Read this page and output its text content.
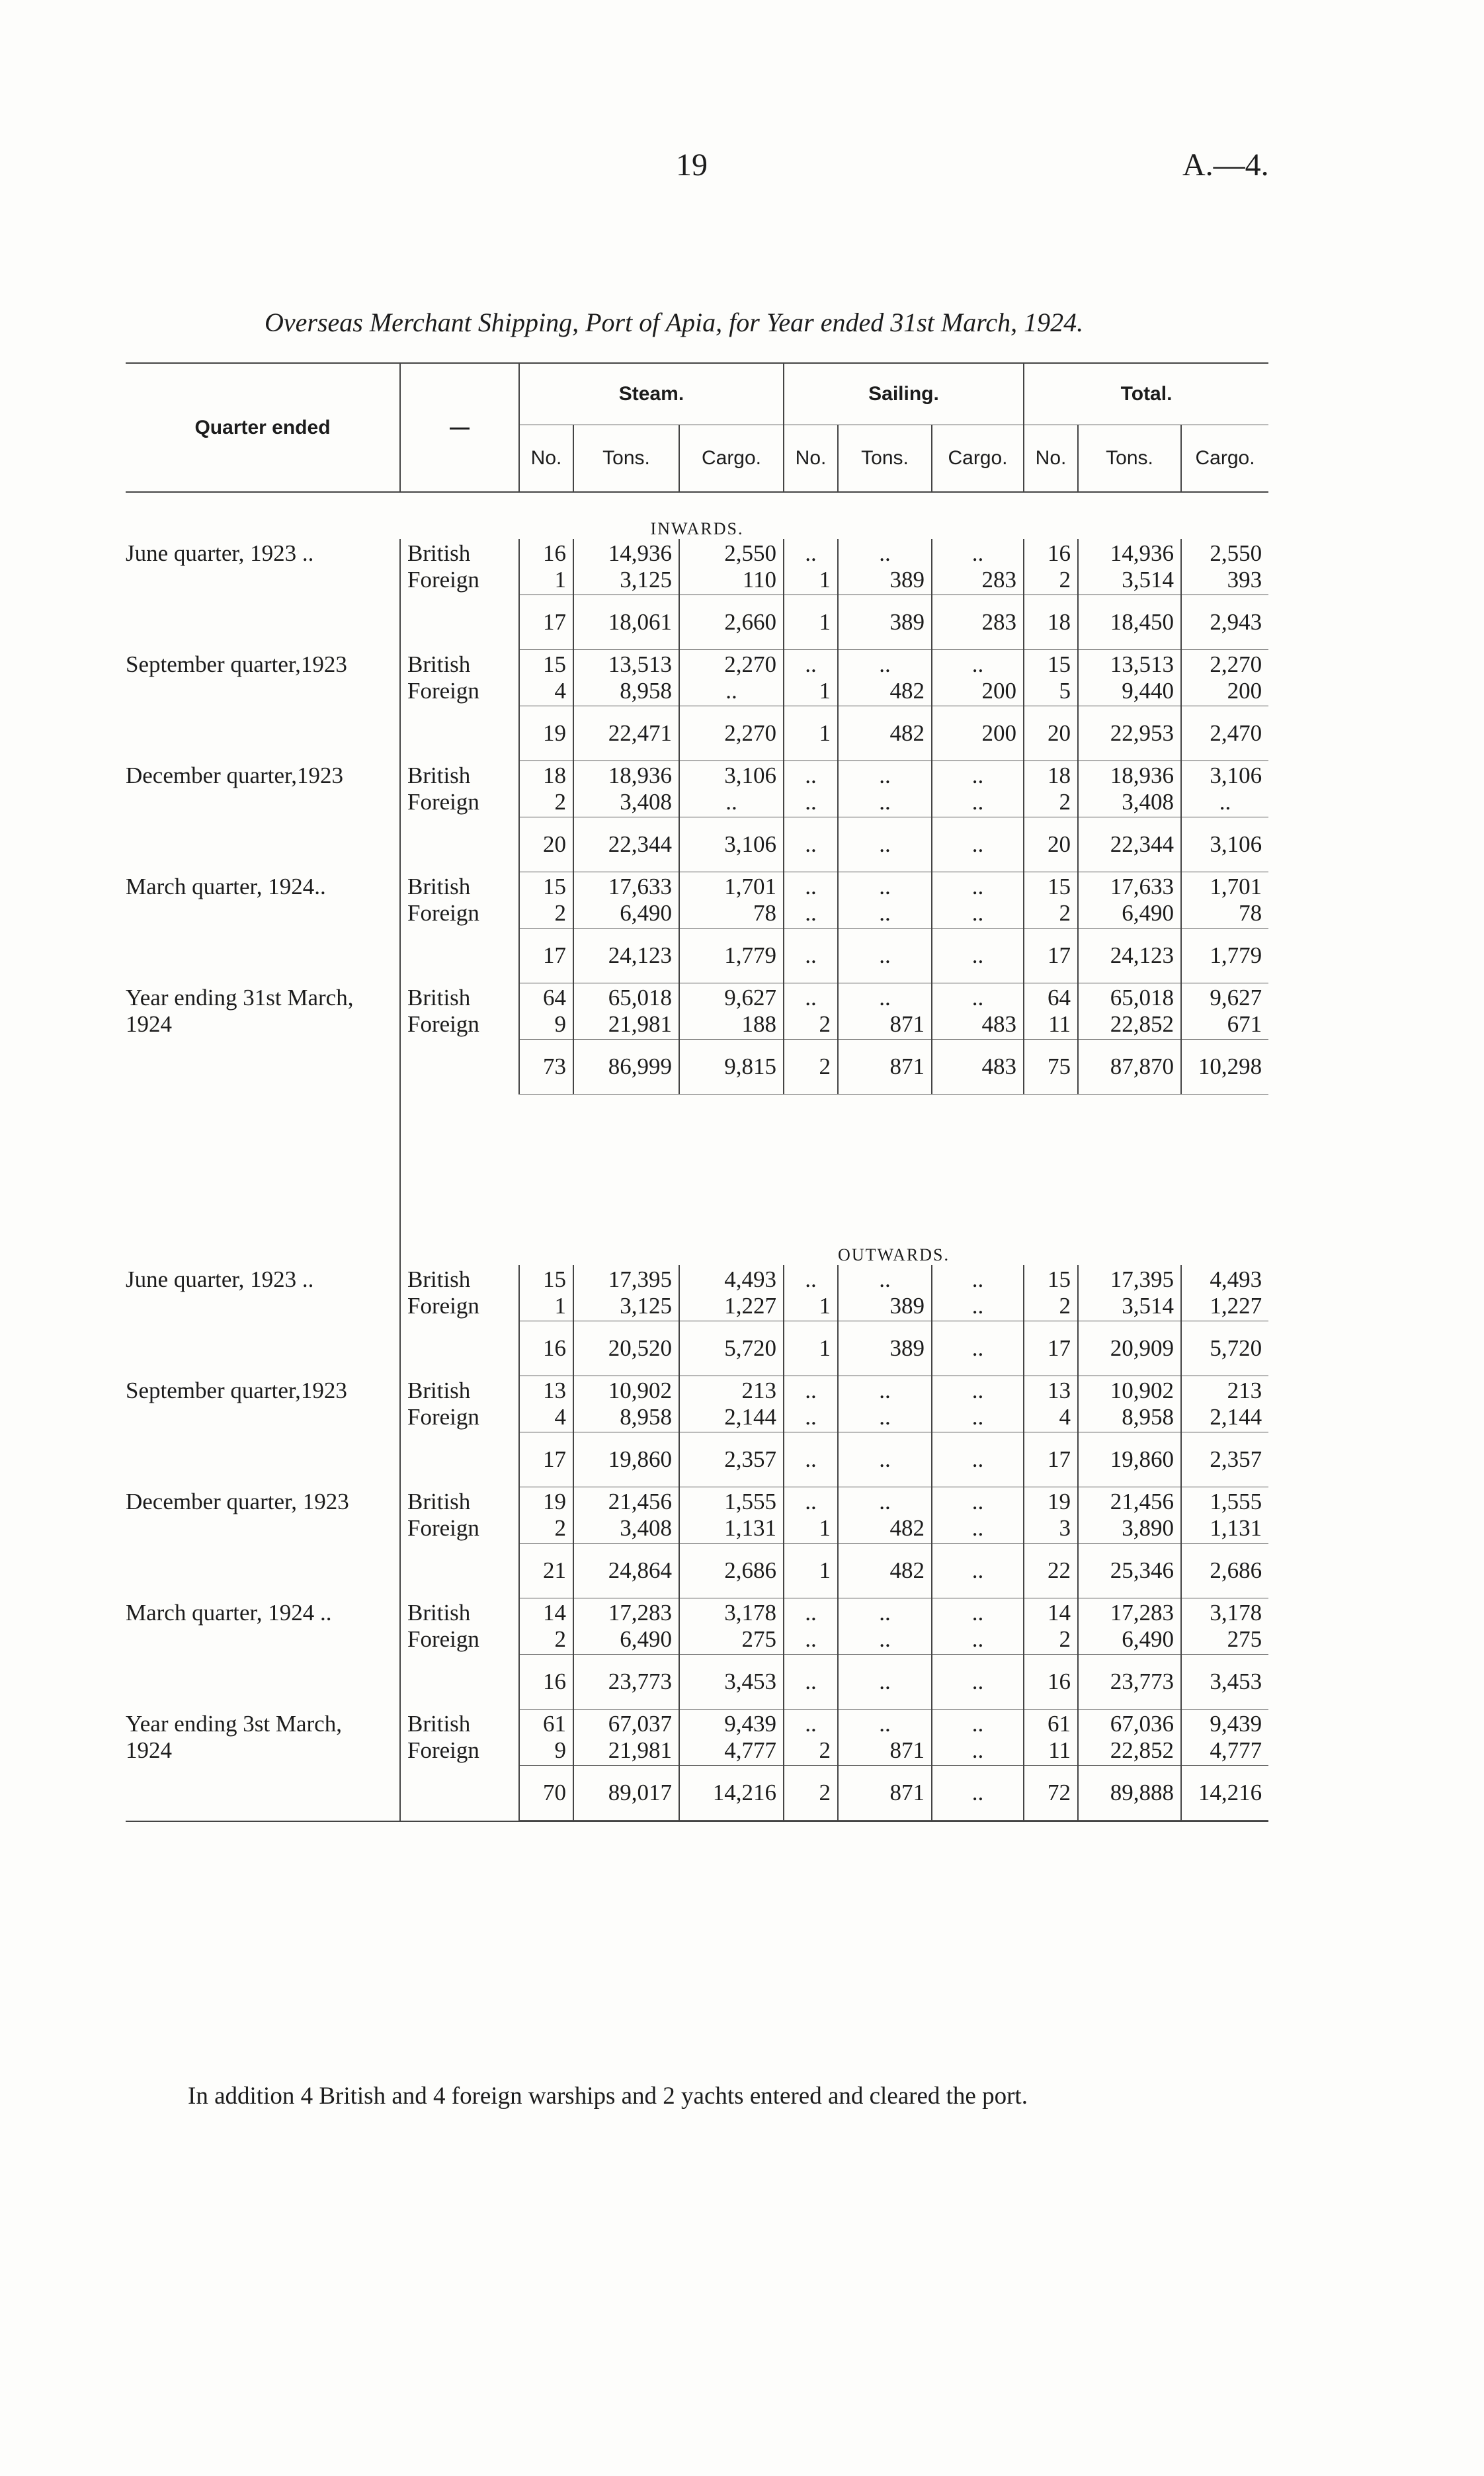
19	A.—4.
Overseas Merchant Shipping, Port of Apia, for Year ended 31st March, 1924.

Quarter ended	—	Steam.			Sailing.			Total.		
		No.	Tons.	Cargo.	No.	Tons.	Cargo.	No.	Tons.	Cargo.

INWARDS.										
June quarter, 1923 ..	British	16	14,936	2,550	..	..	..	16	14,936	2,550
	Foreign	1	3,125	110	1	389	283	2	3,514	393
		17	18,061	2,660	1	389	283	18	18,450	2,943

September quarter,1923	British	15	13,513	2,270	..	..	..	15	13,513	2,270
	Foreign	4	8,958	..	1	482	200	5	9,440	200
		19	22,471	2,270	1	482	200	20	22,953	2,470

December quarter,1923	British	18	18,936	3,106	..	..	..	18	18,936	3,106
	Foreign	2	3,408	..	..	..	..	2	3,408	..
		20	22,344	3,106	..	..	..	20	22,344	3,106

March quarter, 1924..	British	15	17,633	1,701	..	..	..	15	17,633	1,701
	Foreign	2	6,490	78	..	..	..	2	6,490	78
		17	24,123	1,779	..	..	..	17	24,123	1,779

Year ending 31st March,	British	64	65,018	9,627	..	..	..	64	65,018	9,627
1924	Foreign	9	21,981	188	2	871	483	11	22,852	671
		73	86,999	9,815	2	871	483	75	87,870	10,298

		OUTWARDS.								
June quarter, 1923 ..	British	15	17,395	4,493	..	..	..	15	17,395	4,493
	Foreign	1	3,125	1,227	1	389	..	2	3,514	1,227
		16	20,520	5,720	1	389	..	17	20,909	5,720

September quarter,1923	British	13	10,902	213	..	..	..	13	10,902	213
	Foreign	4	8,958	2,144	..	..	..	4	8,958	2,144
		17	19,860	2,357	..	..	..	17	19,860	2,357

December quarter, 1923	British	19	21,456	1,555	..	..	..	19	21,456	1,555
	Foreign	2	3,408	1,131	1	482	..	3	3,890	1,131
		21	24,864	2,686	1	482	..	22	25,346	2,686

March quarter, 1924 ..	British	14	17,283	3,178	..	..	..	14	17,283	3,178
	Foreign	2	6,490	275	..	..	..	2	6,490	275
		16	23,773	3,453	..	..	..	16	23,773	3,453

Year ending 3st March,	British	61	67,037	9,439	..	..	..	61	67,036	9,439
1924	Foreign	9	21,981	4,777	2	871	..	11	22,852	4,777
		70	89,017	14,216	2	871	..	72	89,888	14,216

In addition 4 British and 4 foreign warships and 2 yachts entered and cleared the port.
